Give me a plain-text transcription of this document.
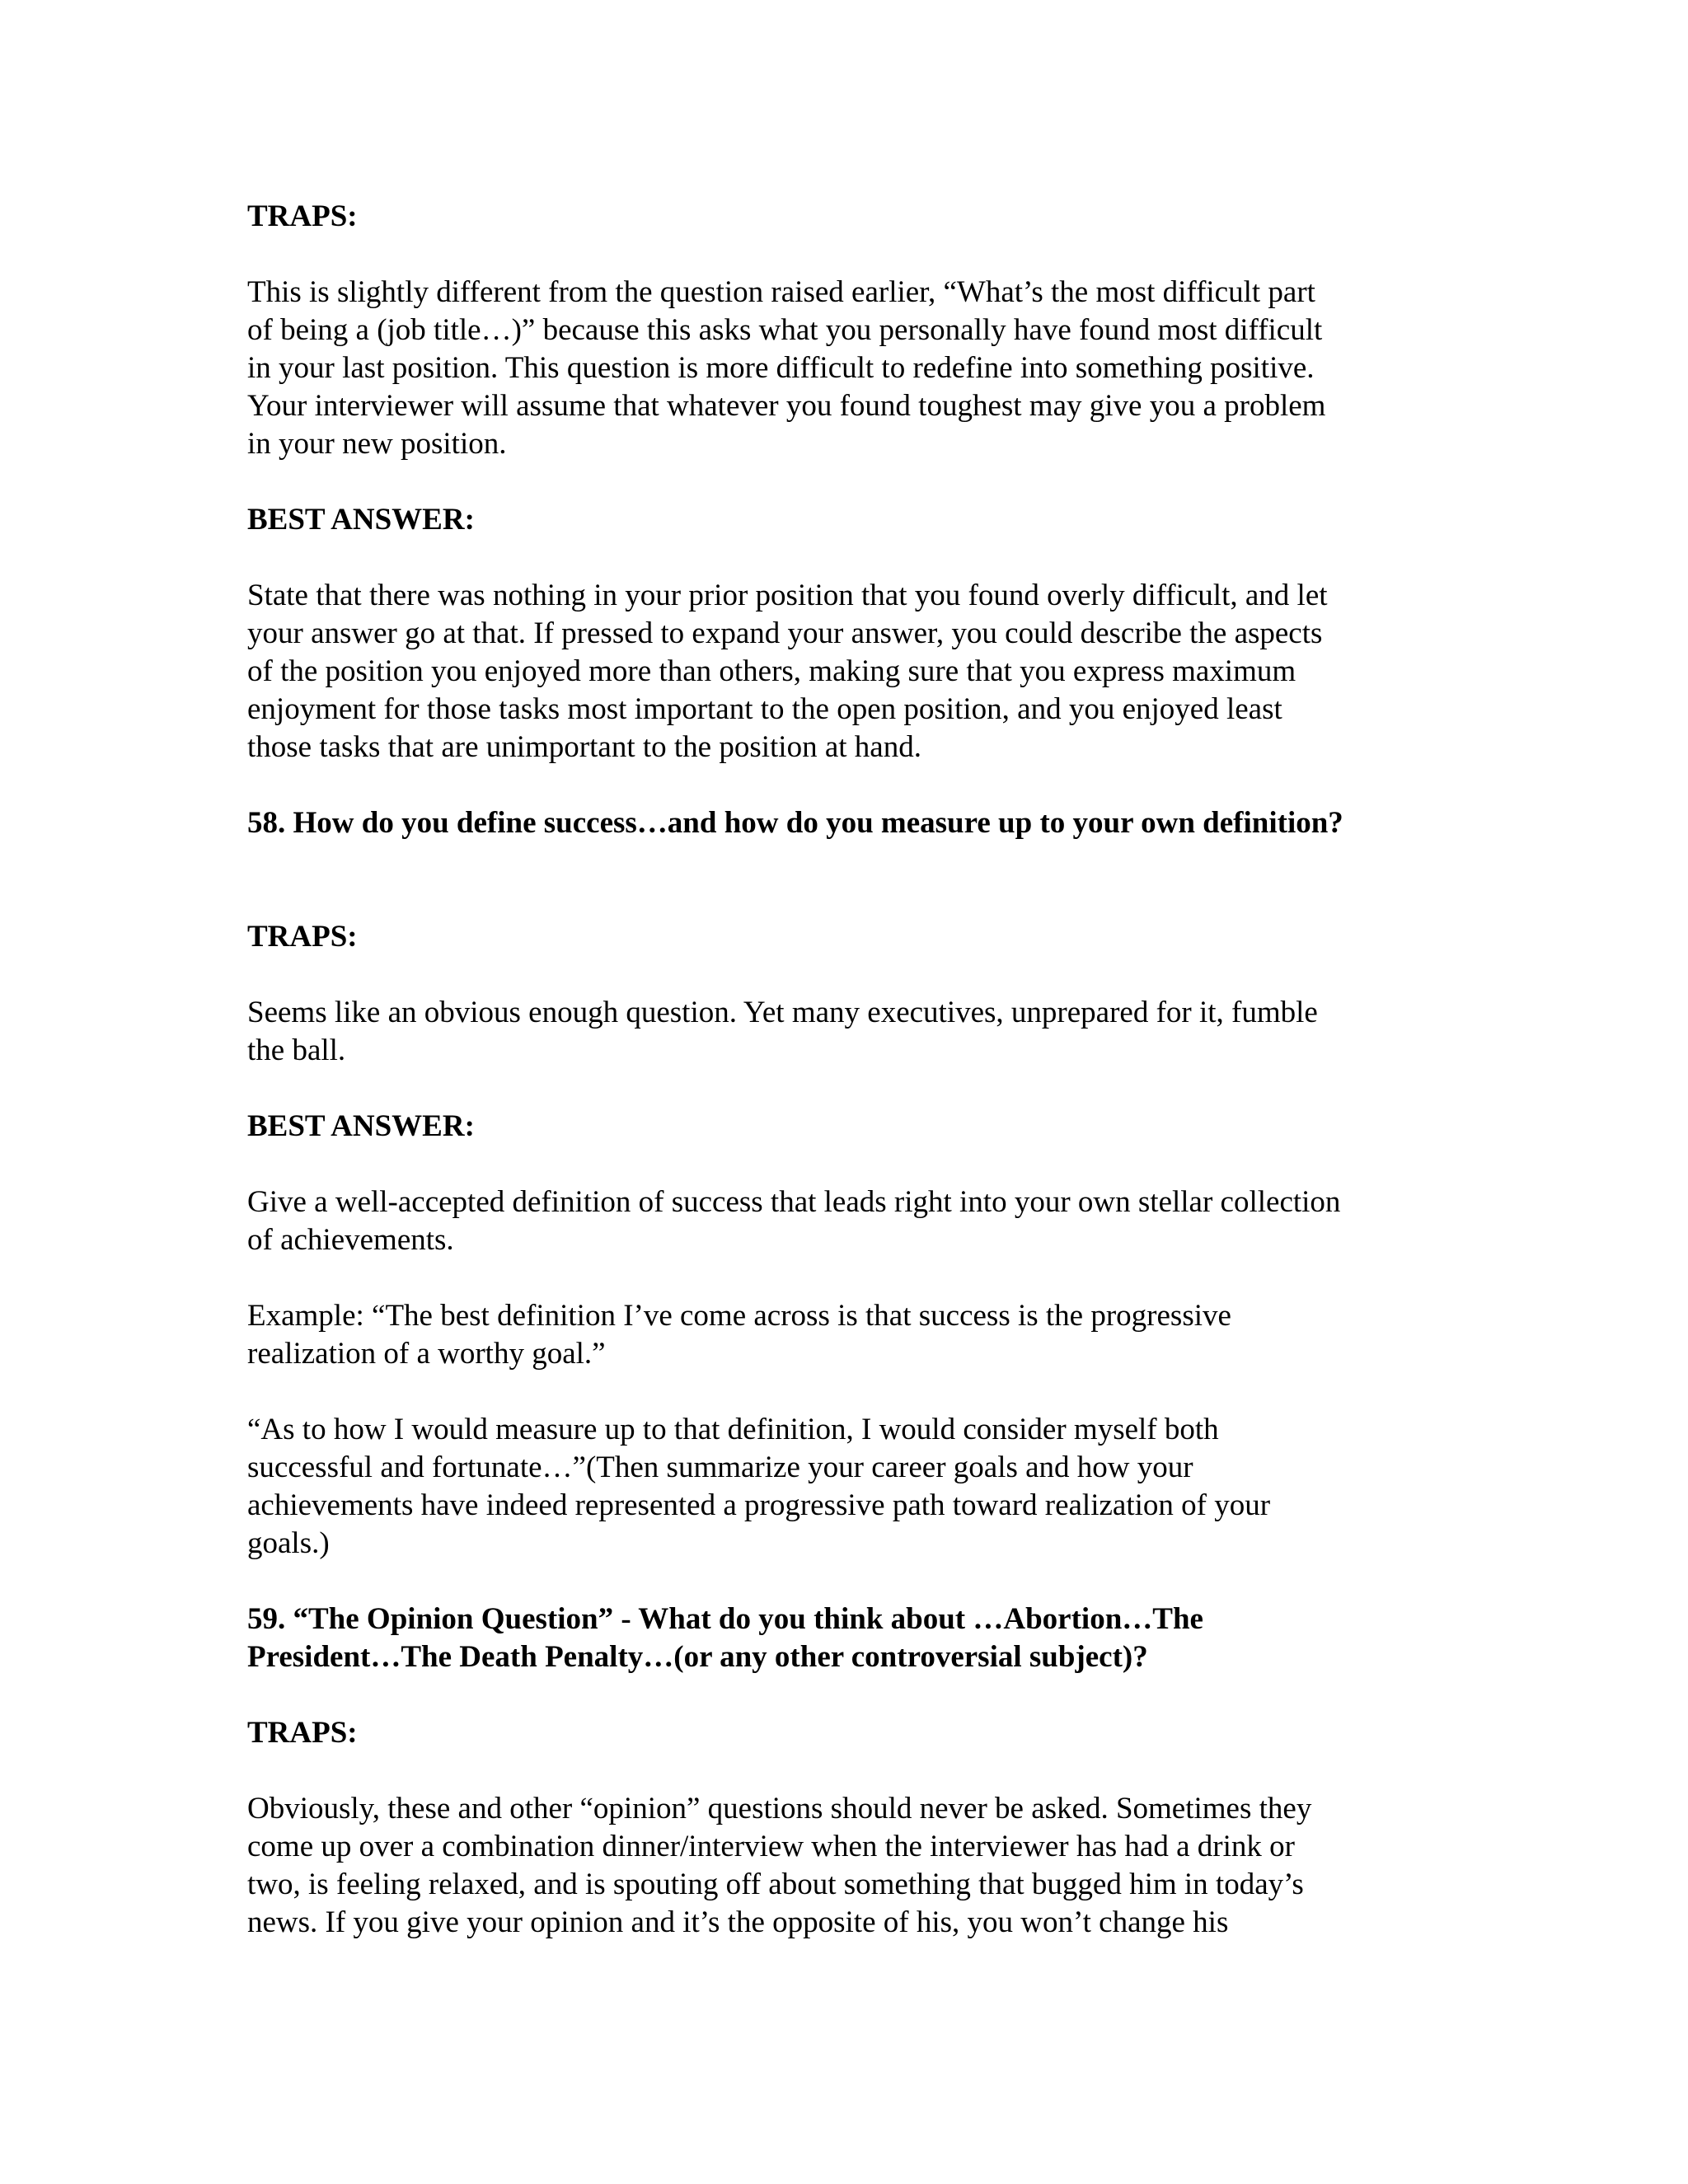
TRAPS:
This is slightly different from the question raised earlier, “What’s the most difficult part
of being a (job title…)” because this asks what you personally have found most difficult
in your last position. This question is more difficult to redefine into something positive.
Your interviewer will assume that whatever you found toughest may give you a problem
in your new position.
BEST ANSWER:
State that there was nothing in your prior position that you found overly difficult, and let
your answer go at that. If pressed to expand your answer, you could describe the aspects
of the position you enjoyed more than others, making sure that you express maximum
enjoyment for those tasks most important to the open position, and you enjoyed least
those tasks that are unimportant to the position at hand.
58. How do you define success…and how do you measure up to your own definition?
TRAPS:
Seems like an obvious enough question. Yet many executives, unprepared for it, fumble
the ball.
BEST ANSWER:
Give a well-accepted definition of success that leads right into your own stellar collection
of achievements.
Example: “The best definition I’ve come across is that success is the progressive
realization of a worthy goal.”
“As to how I would measure up to that definition, I would consider myself both
successful and fortunate…”(Then summarize your career goals and how your
achievements have indeed represented a progressive path toward realization of your
goals.)
59. “The Opinion Question” - What do you think about …Abortion…The
President…The Death Penalty…(or any other controversial subject)?
TRAPS:
Obviously, these and other “opinion” questions should never be asked. Sometimes they
come up over a combination dinner/interview when the interviewer has had a drink or
two, is feeling relaxed, and is spouting off about something that bugged him in today’s
news. If you give your opinion and it’s the opposite of his, you won’t change his
